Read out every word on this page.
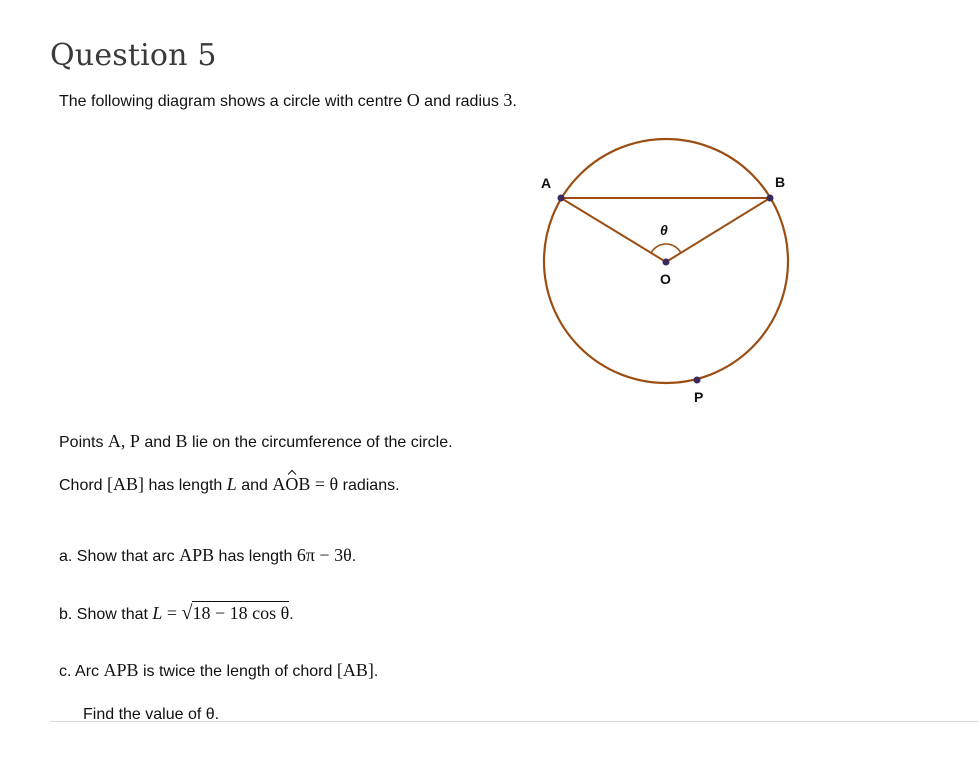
Question 5
The following diagram shows a circle with centre O and radius 3.
A	B
θ
O
P
Points A, P and B lie on the circumference of the circle.
Chord [AB] has length L and AOB = θ radians.
a. Show that arc APB has length 6π − 3θ.
b. Show that L = √18 − 18 cos θ.
c. Arc APB is twice the length of chord [AB].
Find the value of θ.
